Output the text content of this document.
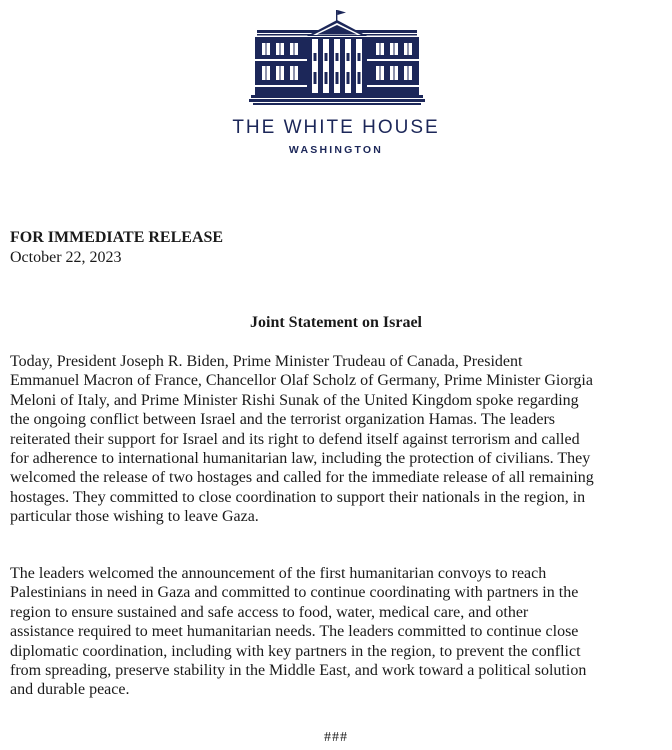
THE WHITE HOUSE
WASHINGTON
FOR IMMEDIATE RELEASE
October 22, 2023
Joint Statement on Israel

Today, President Joseph R. Biden, Prime Minister Trudeau of Canada, President
Emmanuel Macron of France, Chancellor Olaf Scholz of Germany, Prime Minister Giorgia
Meloni of Italy, and Prime Minister Rishi Sunak of the United Kingdom spoke regarding
the ongoing conflict between Israel and the terrorist organization Hamas. The leaders
reiterated their support for Israel and its right to defend itself against terrorism and called
for adherence to international humanitarian law, including the protection of civilians. They
welcomed the release of two hostages and called for the immediate release of all remaining
hostages. They committed to close coordination to support their nationals in the region, in
particular those wishing to leave Gaza.

The leaders welcomed the announcement of the first humanitarian convoys to reach
Palestinians in need in Gaza and committed to continue coordinating with partners in the
region to ensure sustained and safe access to food, water, medical care, and other
assistance required to meet humanitarian needs. The leaders committed to continue close
diplomatic coordination, including with key partners in the region, to prevent the conflict
from spreading, preserve stability in the Middle East, and work toward a political solution
and durable peace.

###
